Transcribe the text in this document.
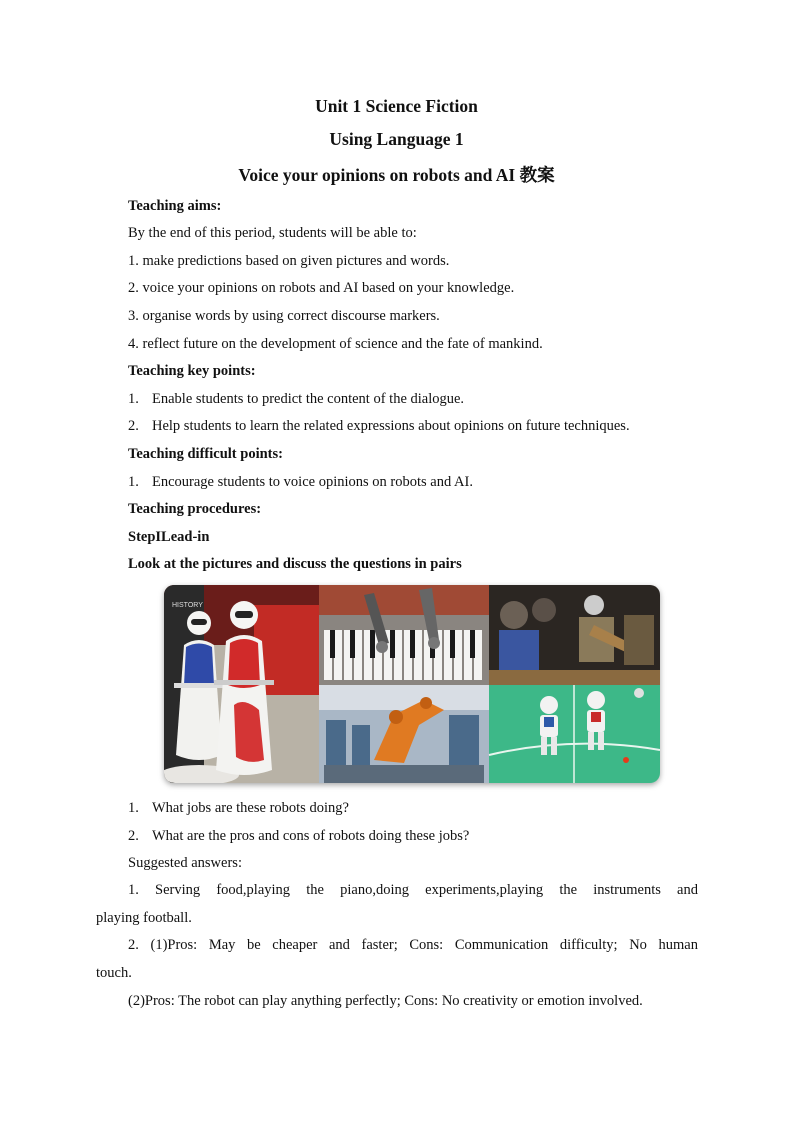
Unit 1 Science Fiction
Using Language 1
Voice your opinions on robots and AI 教案
Teaching aims:
By the end of this period, students will be able to:
1. make predictions based on given pictures and words.
2. voice your opinions on robots and AI based on your knowledge.
3. organise words by using correct discourse markers.
4. reflect future on the development of science and the fate of mankind.
Teaching key points:
1. Enable students to predict the content of the dialogue.
2. Help students to learn the related expressions about opinions on future techniques.
Teaching difficult points:
1. Encourage students to voice opinions on robots and AI.
Teaching procedures:
StepILead-in
Look at the pictures and discuss the questions in pairs
HISTORY
1. What jobs are these robots doing?
2. What are the pros and cons of robots doing these jobs?
Suggested answers:
1. Serving food,playing the piano,doing experiments,playing the instruments and
playing football.
2. (1)Pros: May be cheaper and faster; Cons: Communication difficulty; No human
touch.
(2)Pros: The robot can play anything perfectly; Cons: No creativity or emotion involved.
